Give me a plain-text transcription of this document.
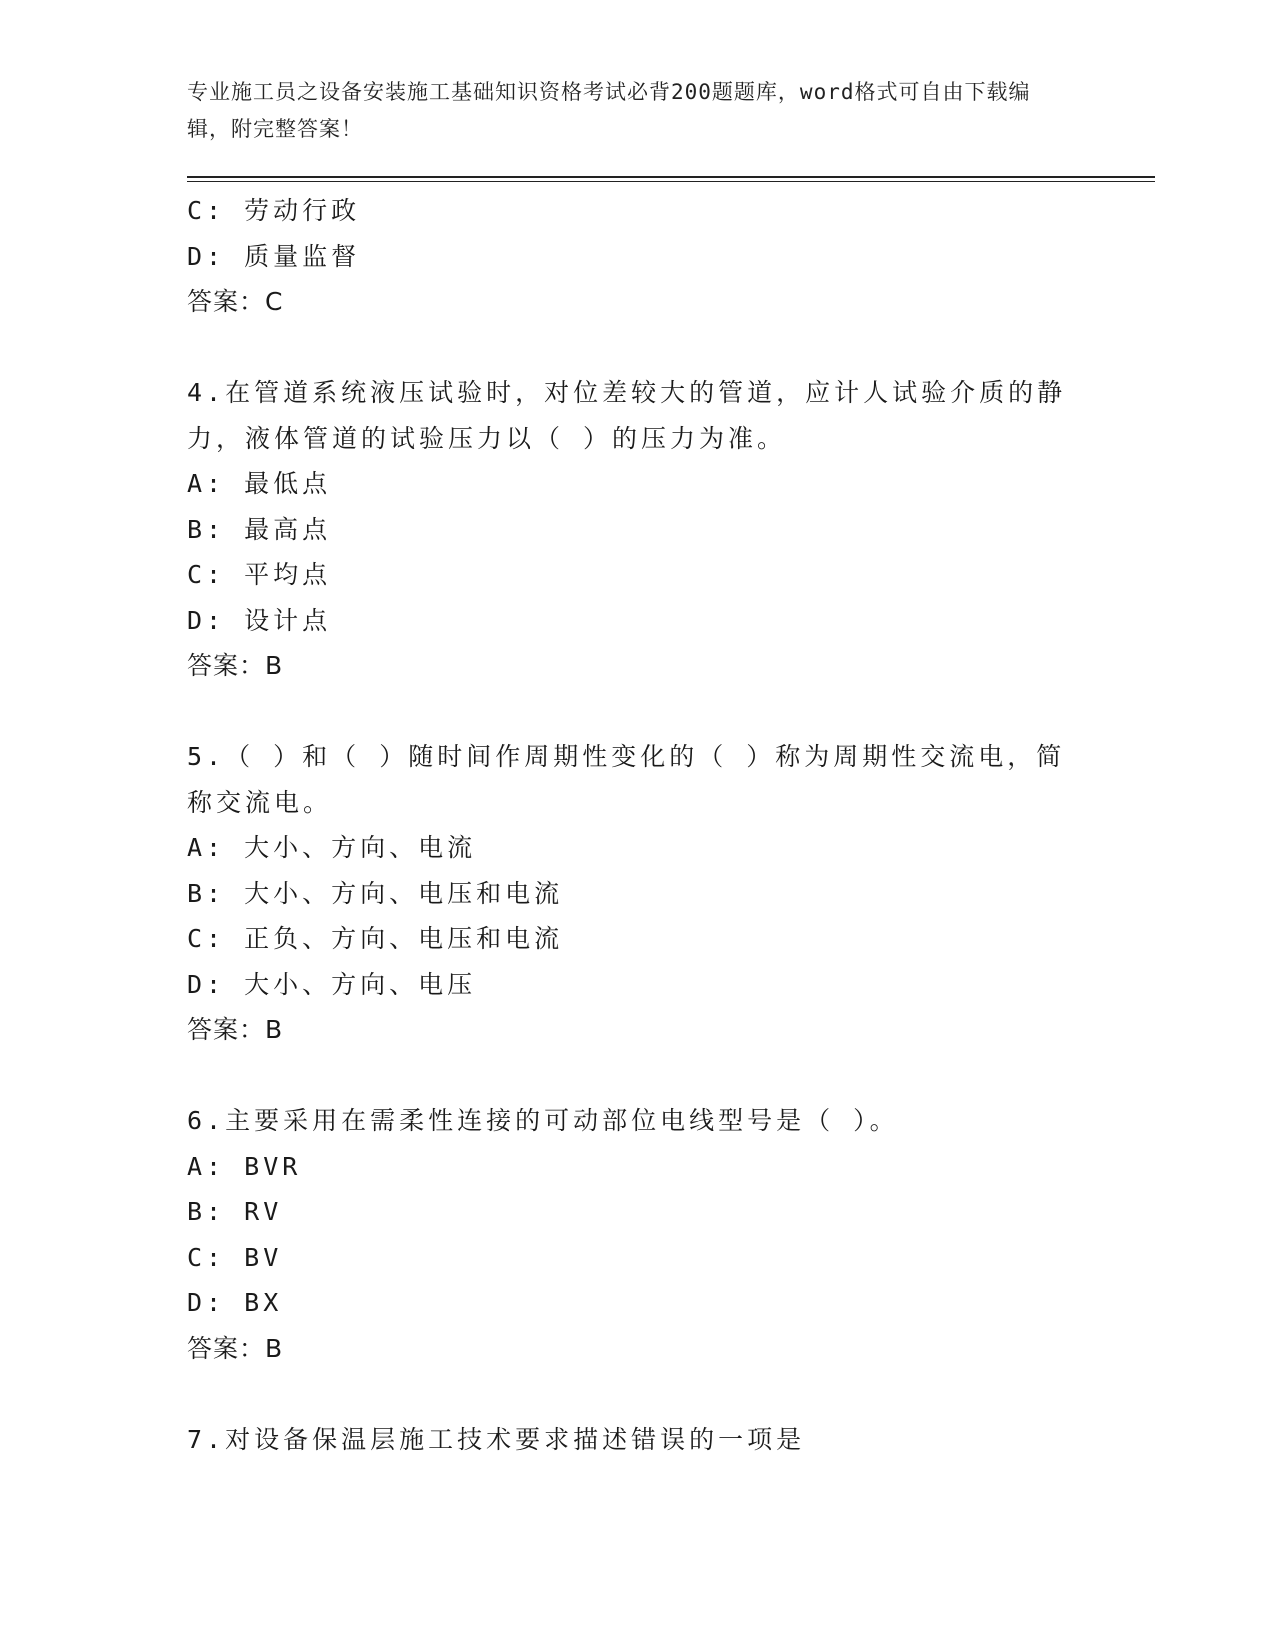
专业施工员之设备安装施工基础知识资格考试必背200题题库，word格式可自由下载编辑，附完整答案！
C: 劳动行政
D: 质量监督
答案：C
4.在管道系统液压试验时，对位差较大的管道，应计人试验介质的静力，液体管道的试验压力以（ ）的压力为准。
A: 最低点
B: 最高点
C: 平均点
D: 设计点
答案：B
5.（ ）和（ ）随时间作周期性变化的（ ）称为周期性交流电，简称交流电。
A: 大小、方向、电流
B: 大小、方向、电压和电流
C: 正负、方向、电压和电流
D: 大小、方向、电压
答案：B
6.主要采用在需柔性连接的可动部位电线型号是（ ）。
A: BVR
B: RV
C: BV
D: BX
答案：B
7.对设备保温层施工技术要求描述错误的一项是
